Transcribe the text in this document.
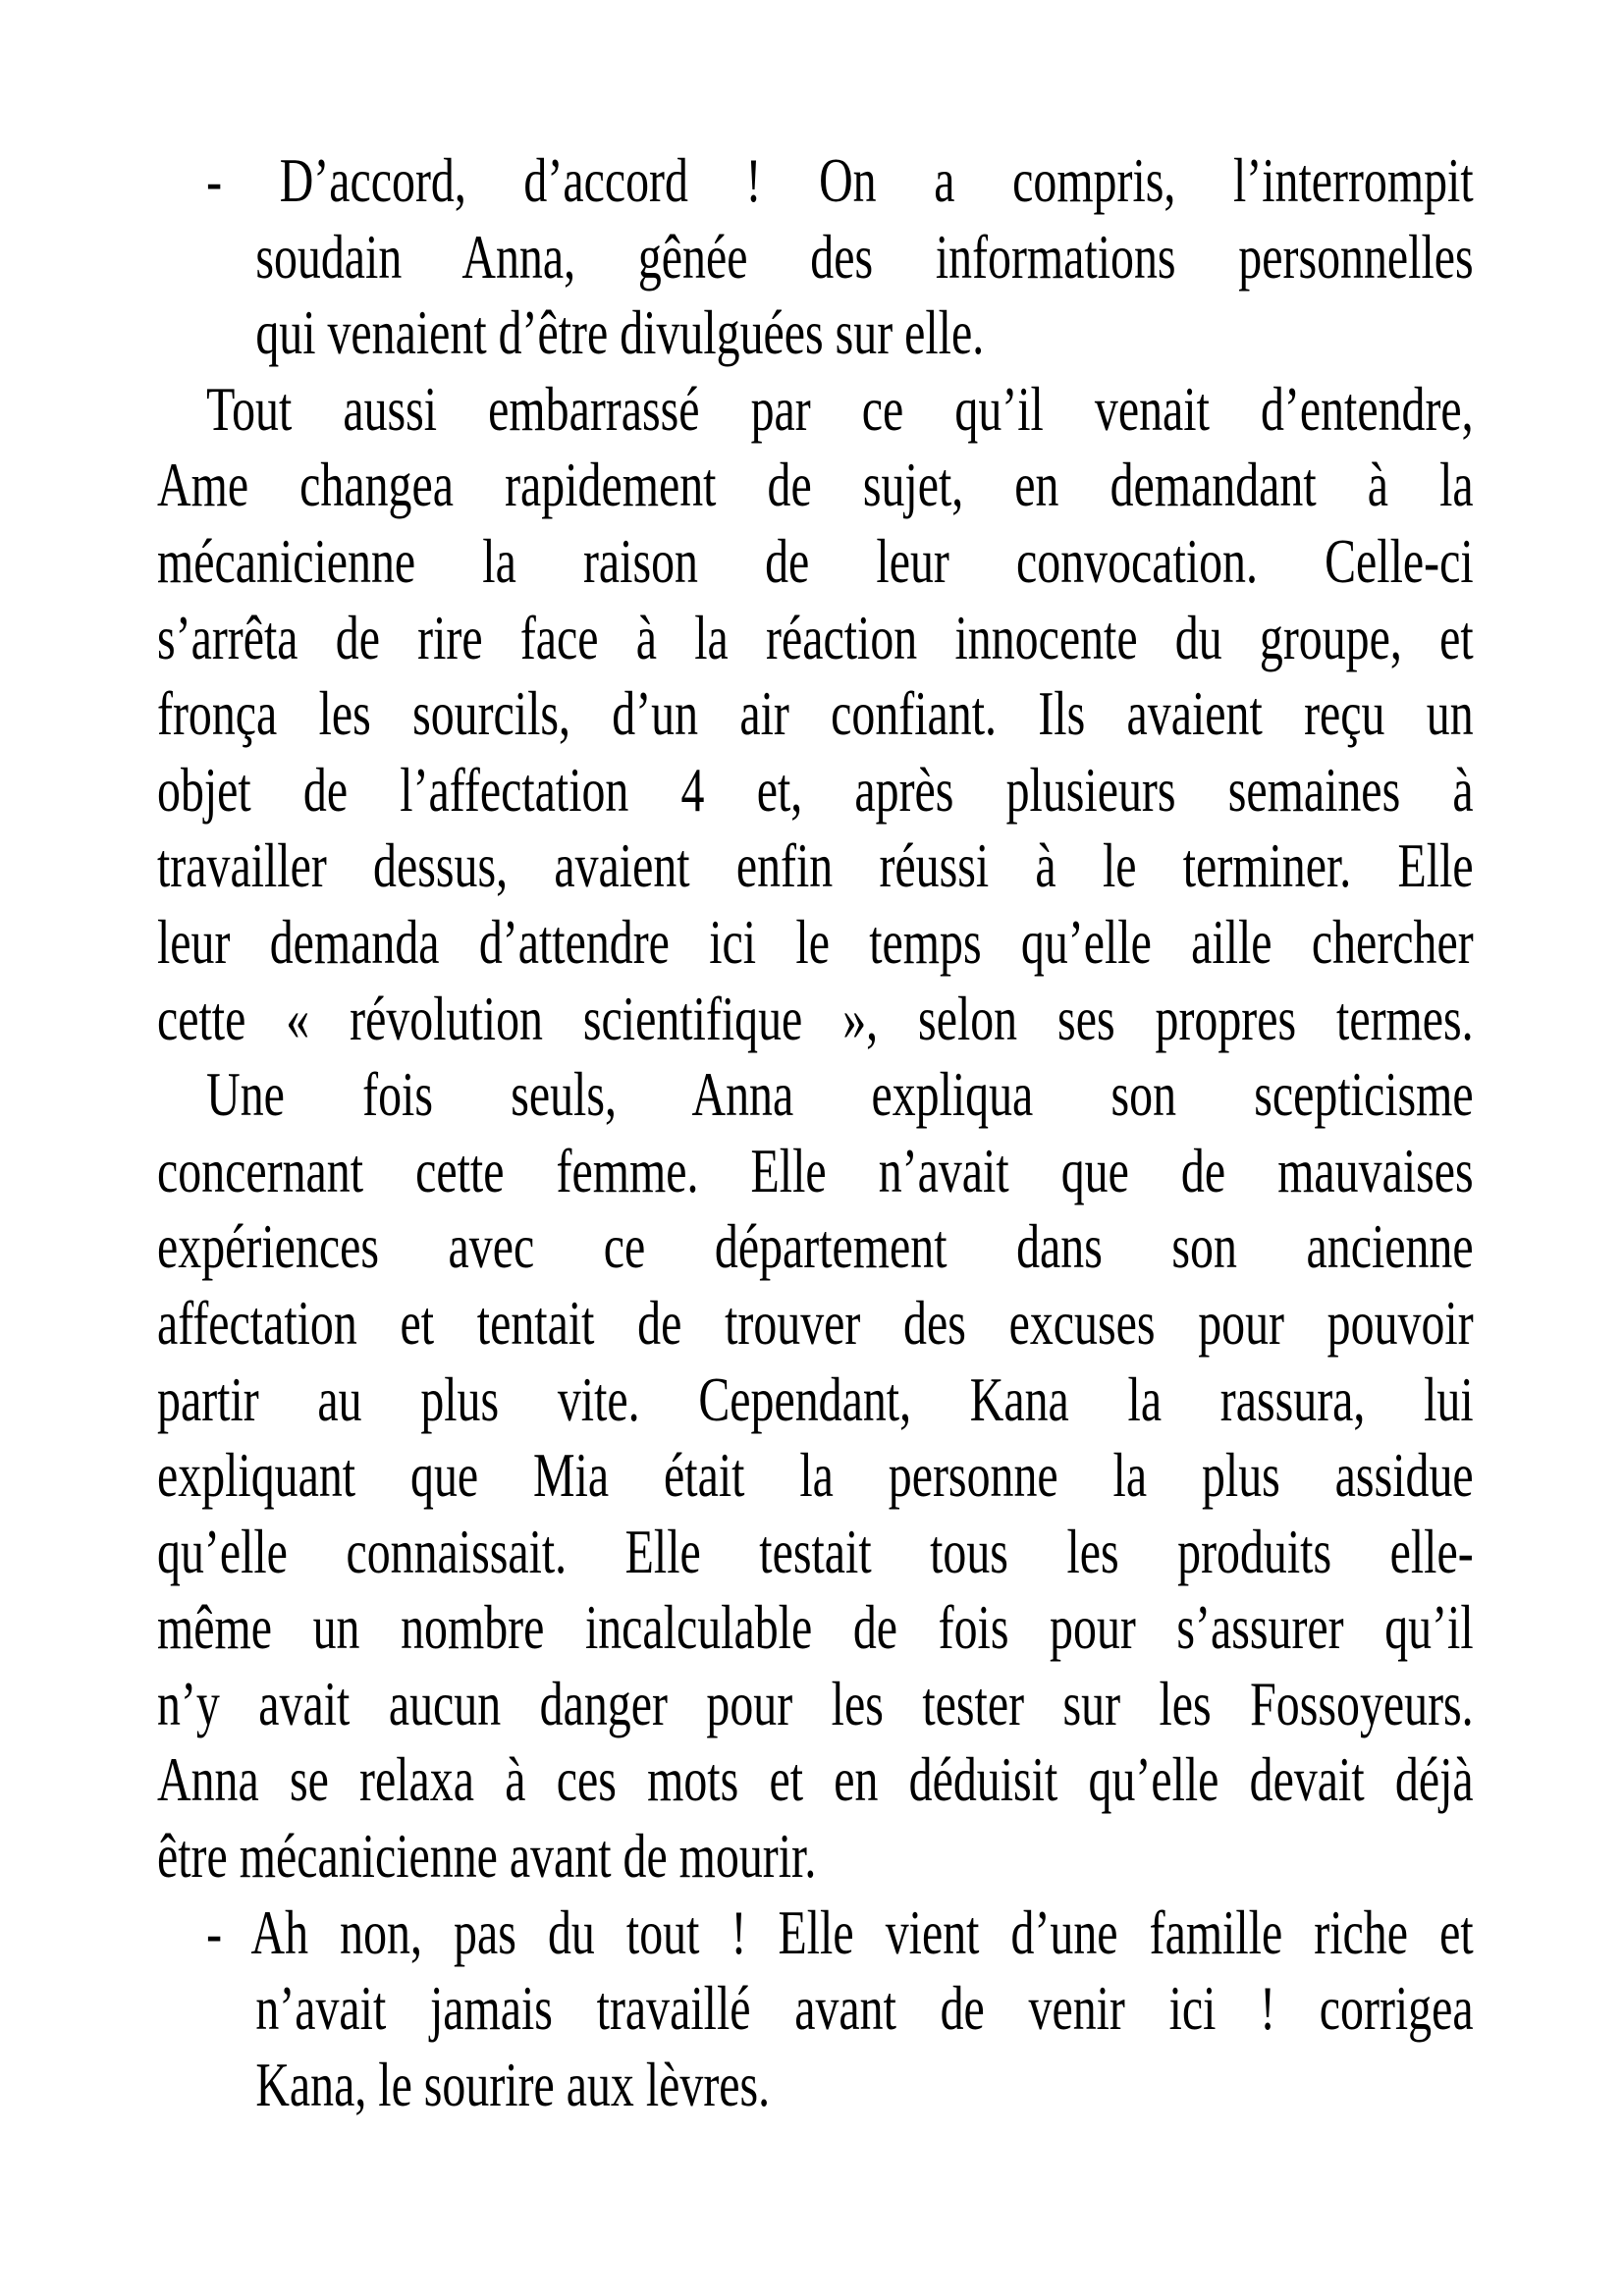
- D’accord, d’accord ! On a compris, l’interrompit
soudain Anna, gênée des informations personnelles
qui venaient d’être divulguées sur elle.
Tout aussi embarrassé par ce qu’il venait d’entendre,
Ame changea rapidement de sujet, en demandant à la
mécanicienne la raison de leur convocation. Celle-ci
s’arrêta de rire face à la réaction innocente du groupe, et
fronça les sourcils, d’un air confiant. Ils avaient reçu un
objet de l’affectation 4 et, après plusieurs semaines à
travailler dessus, avaient enfin réussi à le terminer. Elle
leur demanda d’attendre ici le temps qu’elle aille chercher
cette « révolution scientifique », selon ses propres termes.
Une fois seuls, Anna expliqua son scepticisme
concernant cette femme. Elle n’avait que de mauvaises
expériences avec ce département dans son ancienne
affectation et tentait de trouver des excuses pour pouvoir
partir au plus vite. Cependant, Kana la rassura, lui
expliquant que Mia était la personne la plus assidue
qu’elle connaissait. Elle testait tous les produits elle-
même un nombre incalculable de fois pour s’assurer qu’il
n’y avait aucun danger pour les tester sur les Fossoyeurs.
Anna se relaxa à ces mots et en déduisit qu’elle devait déjà
être mécanicienne avant de mourir.
- Ah non, pas du tout ! Elle vient d’une famille riche et
n’avait jamais travaillé avant de venir ici ! corrigea
Kana, le sourire aux lèvres.
